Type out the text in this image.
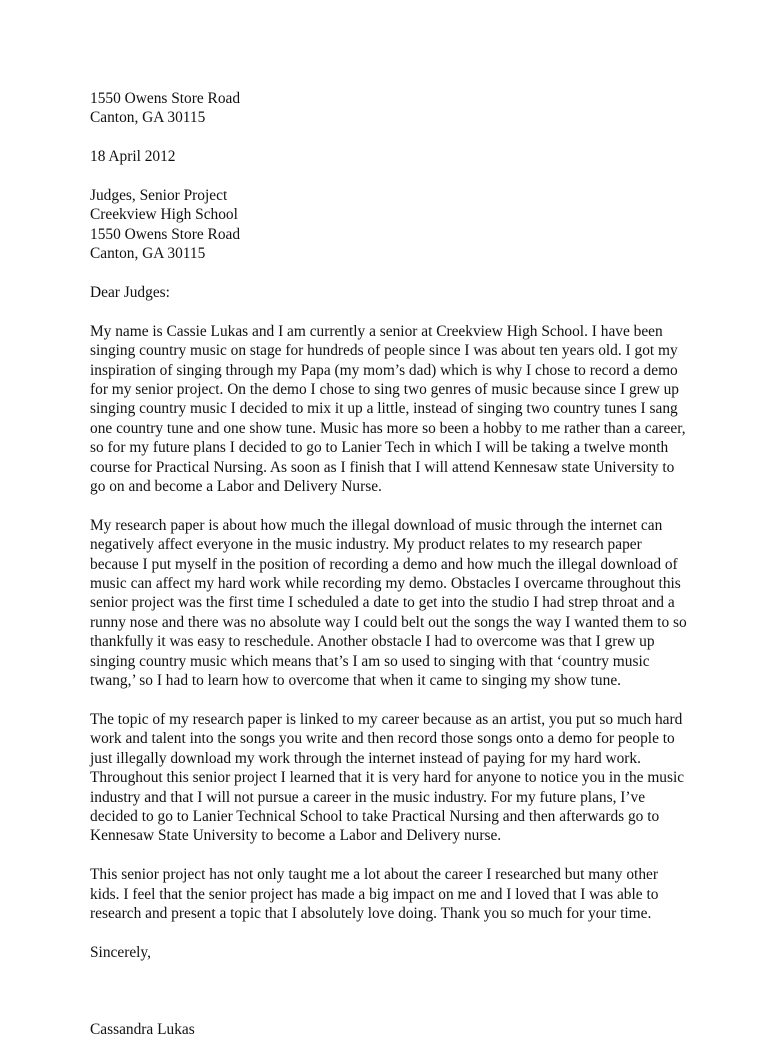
1550 Owens Store Road
Canton, GA 30115
18 April 2012
Judges, Senior Project
Creekview High School
1550 Owens Store Road
Canton, GA 30115
Dear Judges:
My name is Cassie Lukas and I am currently a senior at Creekview High School. I have been
singing country music on stage for hundreds of people since I was about ten years old. I got my
inspiration of singing through my Papa (my mom’s dad) which is why I chose to record a demo
for my senior project. On the demo I chose to sing two genres of music because since I grew up
singing country music I decided to mix it up a little, instead of singing two country tunes I sang
one country tune and one show tune. Music has more so been a hobby to me rather than a career,
so for my future plans I decided to go to Lanier Tech in which I will be taking a twelve month
course for Practical Nursing. As soon as I finish that I will attend Kennesaw state University to
go on and become a Labor and Delivery Nurse.
My research paper is about how much the illegal download of music through the internet can
negatively affect everyone in the music industry. My product relates to my research paper
because I put myself in the position of recording a demo and how much the illegal download of
music can affect my hard work while recording my demo. Obstacles I overcame throughout this
senior project was the first time I scheduled a date to get into the studio I had strep throat and a
runny nose and there was no absolute way I could belt out the songs the way I wanted them to so
thankfully it was easy to reschedule. Another obstacle I had to overcome was that I grew up
singing country music which means that’s I am so used to singing with that ‘country music
twang,’ so I had to learn how to overcome that when it came to singing my show tune.
The topic of my research paper is linked to my career because as an artist, you put so much hard
work and talent into the songs you write and then record those songs onto a demo for people to
just illegally download my work through the internet instead of paying for my hard work.
Throughout this senior project I learned that it is very hard for anyone to notice you in the music
industry and that I will not pursue a career in the music industry. For my future plans, I’ve
decided to go to Lanier Technical School to take Practical Nursing and then afterwards go to
Kennesaw State University to become a Labor and Delivery nurse.
This senior project has not only taught me a lot about the career I researched but many other
kids. I feel that the senior project has made a big impact on me and I loved that I was able to
research and present a topic that I absolutely love doing. Thank you so much for your time.
Sincerely,
Cassandra Lukas
